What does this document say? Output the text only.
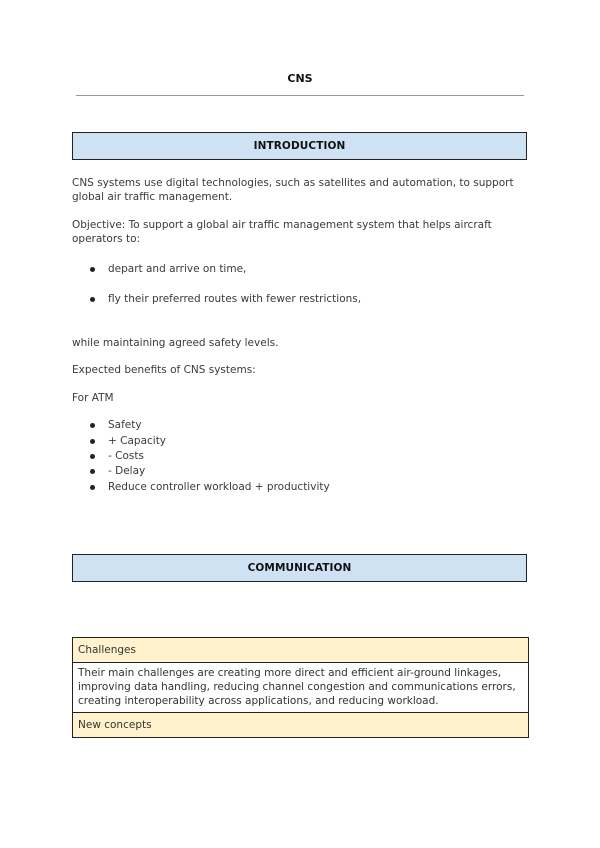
CNS
INTRODUCTION
CNS systems use digital technologies, such as satellites and automation, to support global air traffic management.
Objective: To support a global air traffic management system that helps aircraft operators to:
depart and arrive on time,
fly their preferred routes with fewer restrictions,
while maintaining agreed safety levels.
Expected benefits of CNS systems:
For ATM
Safety
+ Capacity
- Costs
- Delay
Reduce controller workload + productivity
COMMUNICATION
Challenges
Their main challenges are creating more direct and efficient air-ground linkages, improving data handling, reducing channel congestion and communications errors, creating interoperability across applications, and reducing workload.
New concepts
